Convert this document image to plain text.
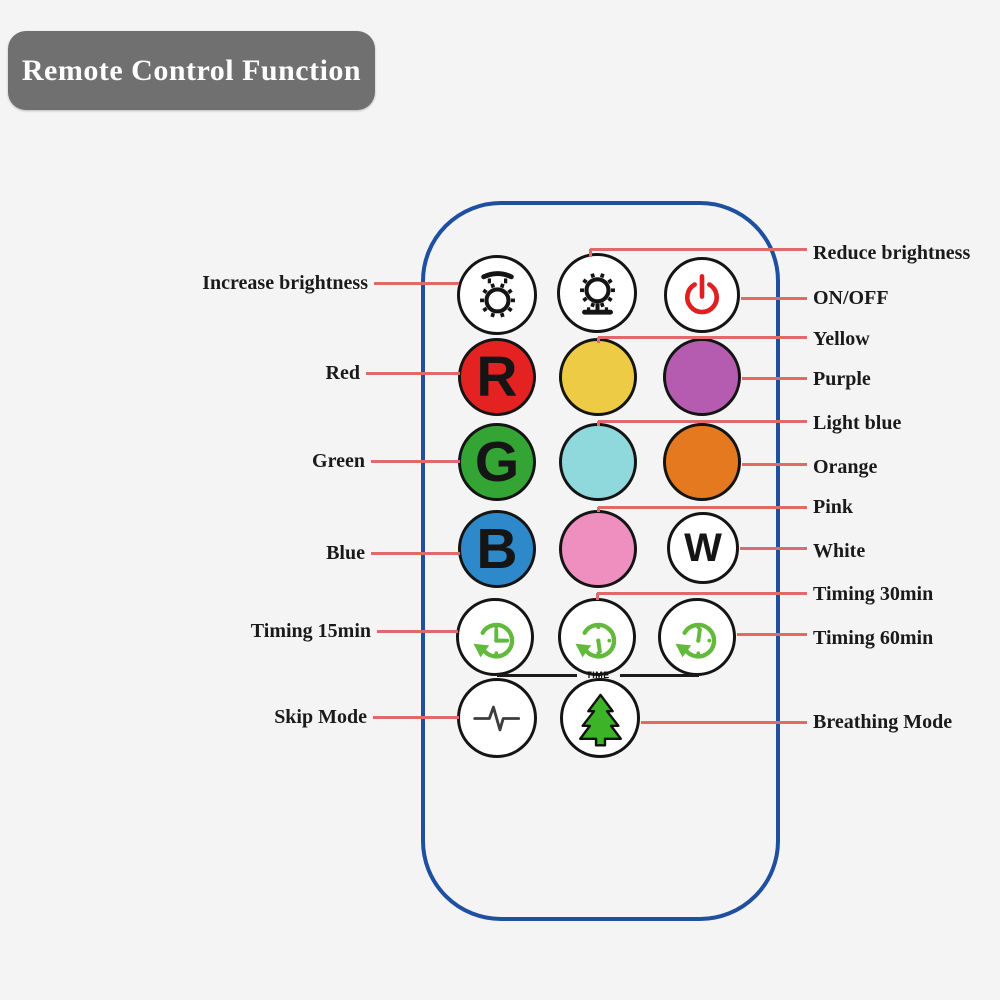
Remote Control Function
R
G
B	W
Increase brightness
Red
Green
Blue
Timing 15min
Skip Mode
Reduce brightness
ON/OFF
Yellow
Purple
Light blue
Orange
Pink
White
Timing 30min
Timing 60min
Breathing Mode
TIME
